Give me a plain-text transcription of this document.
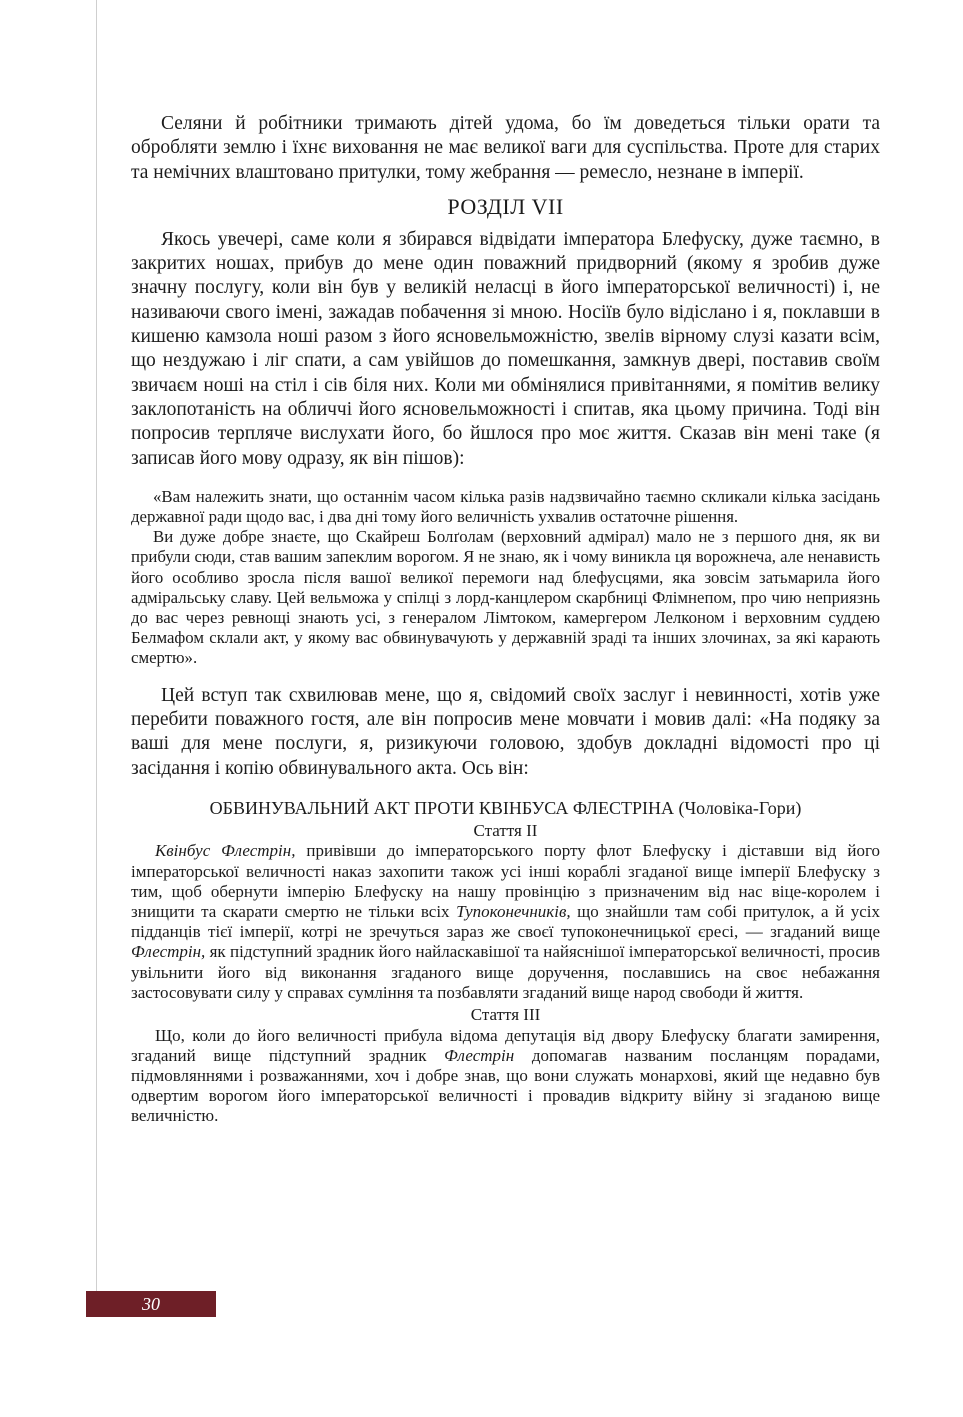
Селяни й робітники тримають дітей удома, бо їм доведеться тільки орати та обробляти землю і їхнє виховання не має великої ваги для суспільства. Проте для старих та немічних влаштовано притулки, тому жебрання — ремесло, незнане в імперії.

РОЗДІЛ VII

Якось увечері, саме коли я збирався відвідати імператора Блефуску, дуже таємно, в закритих ношах, прибув до мене один поважний придворний (якому я зробив дуже значну послугу, коли він був у великій неласці в його імператорської величності) і, не називаючи свого імені, зажадав побачення зі мною. Носіїв було відіслано і я, поклавши в кишеню камзола ноші разом з його ясновельможністю, звелів вірному слузі казати всім, що нездужаю і ліг спати, а сам увійшов до помешкання, замкнув двері, поставив своїм звичаєм ноші на стіл і сів біля них. Коли ми обмінялися привітаннями, я помітив велику заклопотаність на обличчі його ясновельможності і спитав, яка цьому причина. Тоді він попросив терпляче вислухати його, бо йшлося про моє життя. Сказав він мені таке (я записав його мову одразу, як він пішов):

«Вам належить знати, що останнім часом кілька разів надзвичайно таємно скликали кілька засідань державної ради щодо вас, і два дні тому його величність ухвалив остаточне рішення.

Ви дуже добре знаєте, що Скайреш Болґолам (верховний адмірал) мало не з першого дня, як ви прибули сюди, став вашим запеклим ворогом. Я не знаю, як і чому виникла ця ворожнеча, але ненависть його особливо зросла після вашої великої перемоги над блефусцями, яка зовсім затьмарила його адміральську славу. Цей вельможа у спілці з лорд-канцлером скарбниці Флімнепом, про чию неприязнь до вас через ревнощі знають усі, з генералом Лімтоком, камергером Лелконом і верховним суддею Белмафом склали акт, у якому вас обвинувачують у державній зраді та інших злочинах, за які карають смертю».

Цей вступ так схвилював мене, що я, свідомий своїх заслуг і невинності, хотів уже перебити поважного гостя, але він попросив мене мовчати і мовив далі: «На подяку за ваші для мене послуги, я, ризикуючи головою, здобув докладні відомості про ці засідання і копію обвинувального акта. Ось він:

ОБВИНУВАЛЬНИЙ АКТ ПРОТИ КВІНБУСА ФЛЕСТРІНА (Чоловіка-Гори)
Стаття II

Квінбус Флестрін, привівши до імператорського порту флот Блефуску і діставши від його імператорської величності наказ захопити також усі інші кораблі згаданої вище імперії Блефуску з тим, щоб обернути імперію Блефуску на нашу провінцію з призначеним від нас віце-королем і знищити та скарати смертю не тільки всіх Тупоконечників, що знайшли там собі притулок, а й усіх підданців тієї імперії, котрі не зречуться зараз же своєї тупоконечницької єресі, — згаданий вище Флестрін, як підступний зрадник його найласкавішої та найяснішої імператорської величності, просив увільнити його від виконання згаданого вище доручення, пославшись на своє небажання застосовувати силу у справах сумління та позбавляти згаданий вище народ свободи й життя.

Стаття III

Що, коли до його величності прибула відома депутація від двору Блефуску благати замирення, згаданий вище підступний зрадник Флестрін допомагав названим посланцям порадами, підмовляннями і розважаннями, хоч і добре знав, що вони служать монархові, який ще недавно був одвертим ворогом його імператорської величності і провадив відкриту війну зі згаданою вище величністю.

30
